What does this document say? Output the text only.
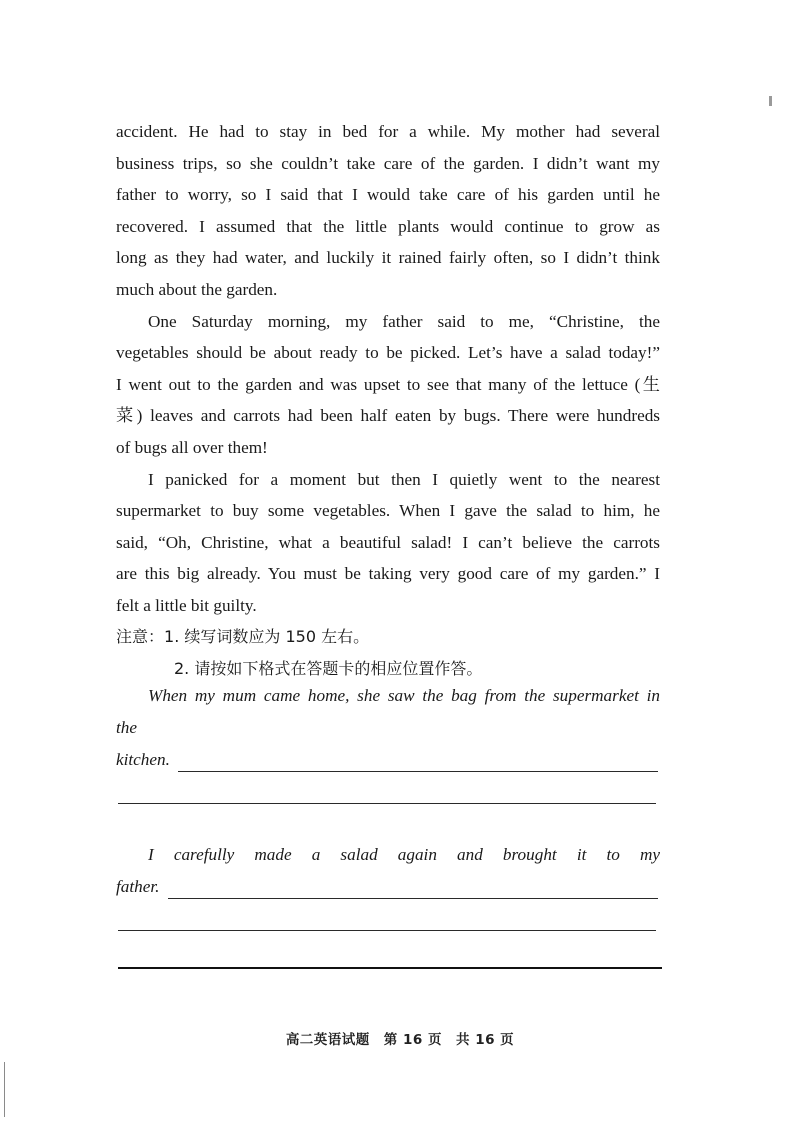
accident. He had to stay in bed for a while. My mother had several
business trips, so she couldn’t take care of the garden. I didn’t want my
father to worry, so I said that I would take care of his garden until he
recovered. I assumed that the little plants would continue to grow as
long as they had water, and luckily it rained fairly often, so I didn’t think
much about the garden.

One Saturday morning, my father said to me, “Christine, the
vegetables should be about ready to be picked. Let’s have a salad today!”
I went out to the garden and was upset to see that many of the lettuce (生
菜) leaves and carrots had been half eaten by bugs. There were hundreds
of bugs all over them!

I panicked for a moment but then I quietly went to the nearest
supermarket to buy some vegetables. When I gave the salad to him, he
said, “Oh, Christine, what a beautiful salad! I can’t believe the carrots
are this big already. You must be taking very good care of my garden.” I
felt a little bit guilty.

注意：1. 续写词数应为 150 左右。
2. 请按如下格式在答题卡的相应位置作答。
When my mum came home, she saw the bag from the supermarket in
the
kitchen.
I carefully made a salad again and brought it to my
father.
高二英语试题　第 16 页　共 16 页
